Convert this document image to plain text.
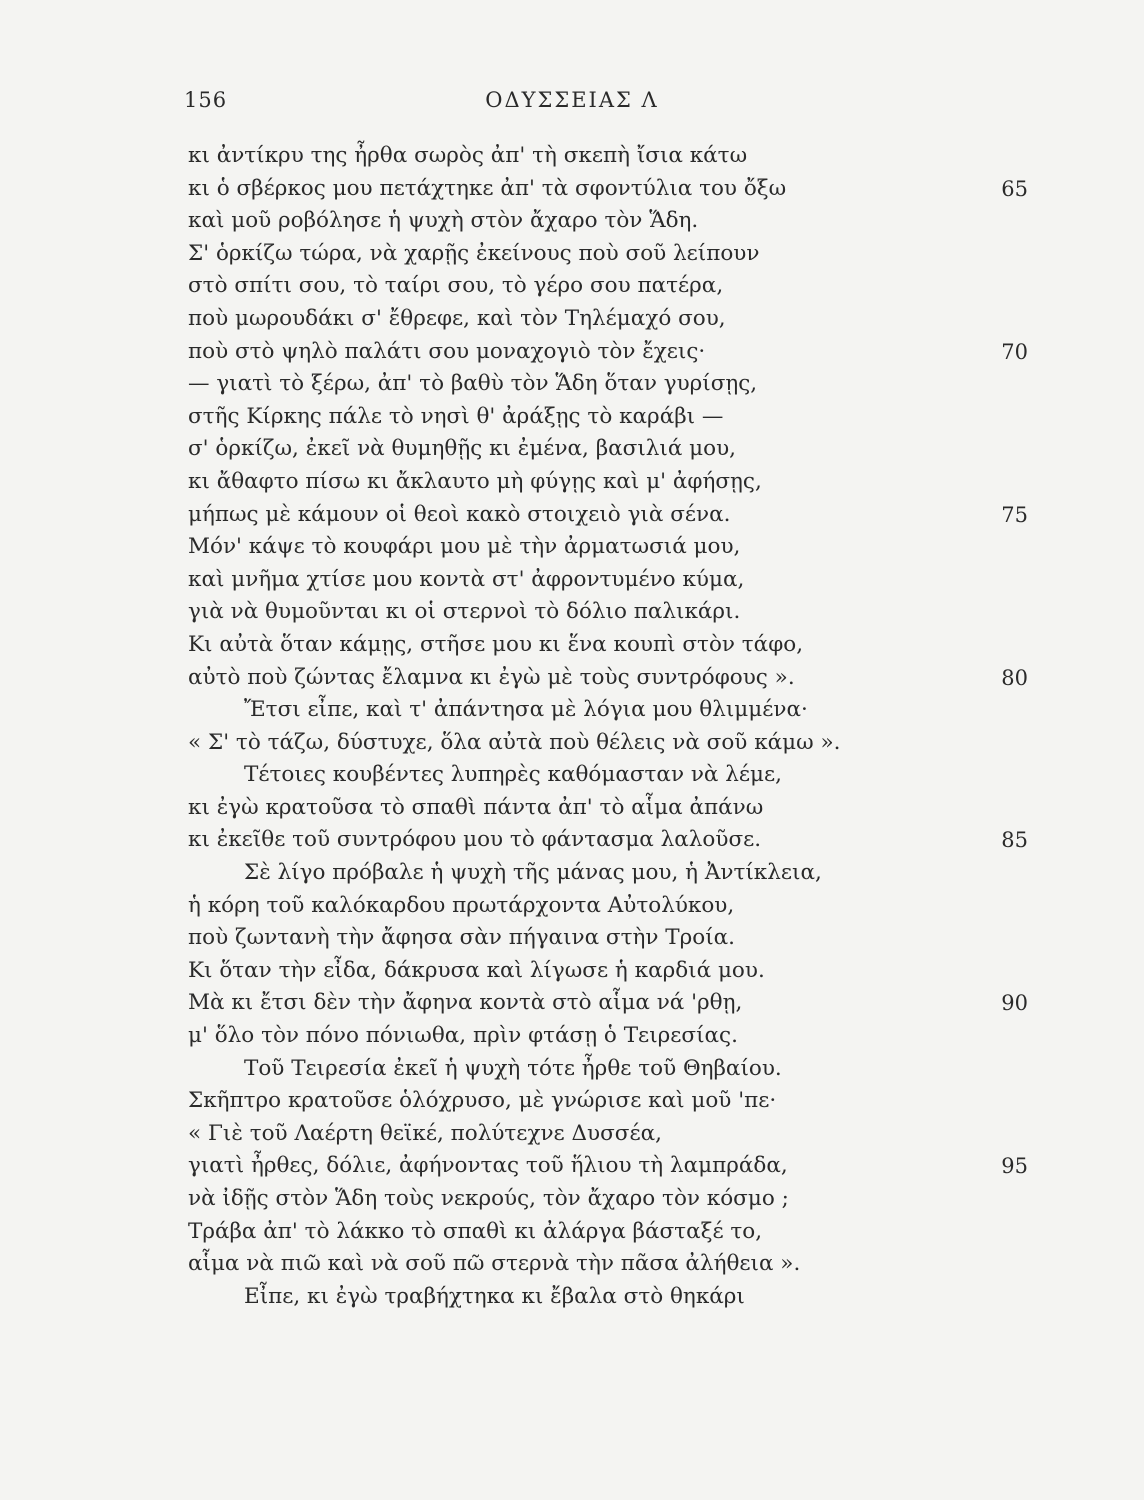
156	ΟΔΥΣΣΕΙΑΣ Λ
κι ἀντίκρυ της ἦρθα σωρὸς ἀπ' τὴ σκεπὴ ἴσια κάτω
κι ὁ σβέρκος μου πετάχτηκε ἀπ' τὰ σφοντύλια του ὄξω	65
καὶ μοῦ ροβόλησε ἡ ψυχὴ στὸν ἄχαρο τὸν Ἅδη.
Σ' ὁρκίζω τώρα, νὰ χαρῇς ἐκείνους ποὺ σοῦ λείπουν
στὸ σπίτι σου, τὸ ταίρι σου, τὸ γέρο σου πατέρα,
ποὺ μωρουδάκι σ' ἔθρεφε, καὶ τὸν Τηλέμαχό σου,
ποὺ στὸ ψηλὸ παλάτι σου μοναχογιὸ τὸν ἔχεις·	70
— γιατὶ τὸ ξέρω, ἀπ' τὸ βαθὺ τὸν Ἅδη ὅταν γυρίσῃς,
στῆς Κίρκης πάλε τὸ νησὶ θ' ἀράξῃς τὸ καράβι —
σ' ὁρκίζω, ἐκεῖ νὰ θυμηθῇς κι ἐμένα, βασιλιά μου,
κι ἄθαφτο πίσω κι ἄκλαυτο μὴ φύγῃς καὶ μ' ἀφήσῃς,
μήπως μὲ κάμουν οἱ θεοὶ κακὸ στοιχειὸ γιὰ σένα.	75
Μόν' κάψε τὸ κουφάρι μου μὲ τὴν ἀρματωσιά μου,
καὶ μνῆμα χτίσε μου κοντὰ στ' ἀφροντυμένο κύμα,
γιὰ νὰ θυμοῦνται κι οἱ στερνοὶ τὸ δόλιο παλικάρι.
Κι αὐτὰ ὅταν κάμῃς, στῆσε μου κι ἕνα κουπὶ στὸν τάφο,
αὐτὸ ποὺ ζώντας ἔλαμνα κι ἐγὼ μὲ τοὺς συντρόφους ».	80
Ἔτσι εἶπε, καὶ τ' ἀπάντησα μὲ λόγια μου θλιμμένα·
« Σ' τὸ τάζω, δύστυχε, ὅλα αὐτὰ ποὺ θέλεις νὰ σοῦ κάμω ».
Τέτοιες κουβέντες λυπηρὲς καθόμασταν νὰ λέμε,
κι ἐγὼ κρατοῦσα τὸ σπαθὶ πάντα ἀπ' τὸ αἷμα ἀπάνω
κι ἐκεῖθε τοῦ συντρόφου μου τὸ φάντασμα λαλοῦσε.	85
Σὲ λίγο πρόβαλε ἡ ψυχὴ τῆς μάνας μου, ἡ Ἀντίκλεια,
ἡ κόρη τοῦ καλόκαρδου πρωτάρχοντα Αὐτολύκου,
ποὺ ζωντανὴ τὴν ἄφησα σὰν πήγαινα στὴν Τροία.
Κι ὅταν τὴν εἶδα, δάκρυσα καὶ λίγωσε ἡ καρδιά μου.
Μὰ κι ἔτσι δὲν τὴν ἄφηνα κοντὰ στὸ αἷμα νά 'ρθῃ,	90
μ' ὅλο τὸν πόνο πόνιωθα, πρὶν φτάσῃ ὁ Τειρεσίας.
Τοῦ Τειρεσία ἐκεῖ ἡ ψυχὴ τότε ἦρθε τοῦ Θηβαίου.
Σκῆπτρο κρατοῦσε ὁλόχρυσο, μὲ γνώρισε καὶ μοῦ 'πε·
« Γιὲ τοῦ Λαέρτη θεϊκέ, πολύτεχνε Δυσσέα,
γιατὶ ἦρθες, δόλιε, ἀφήνοντας τοῦ ἥλιου τὴ λαμπράδα,	95
νὰ ἰδῇς στὸν Ἅδη τοὺς νεκρούς, τὸν ἄχαρο τὸν κόσμο ;
Τράβα ἀπ' τὸ λάκκο τὸ σπαθὶ κι ἀλάργα βάσταξέ το,
αἷμα νὰ πιῶ καὶ νὰ σοῦ πῶ στερνὰ τὴν πᾶσα ἀλήθεια ».
Εἶπε, κι ἐγὼ τραβήχτηκα κι ἔβαλα στὸ θηκάρι
